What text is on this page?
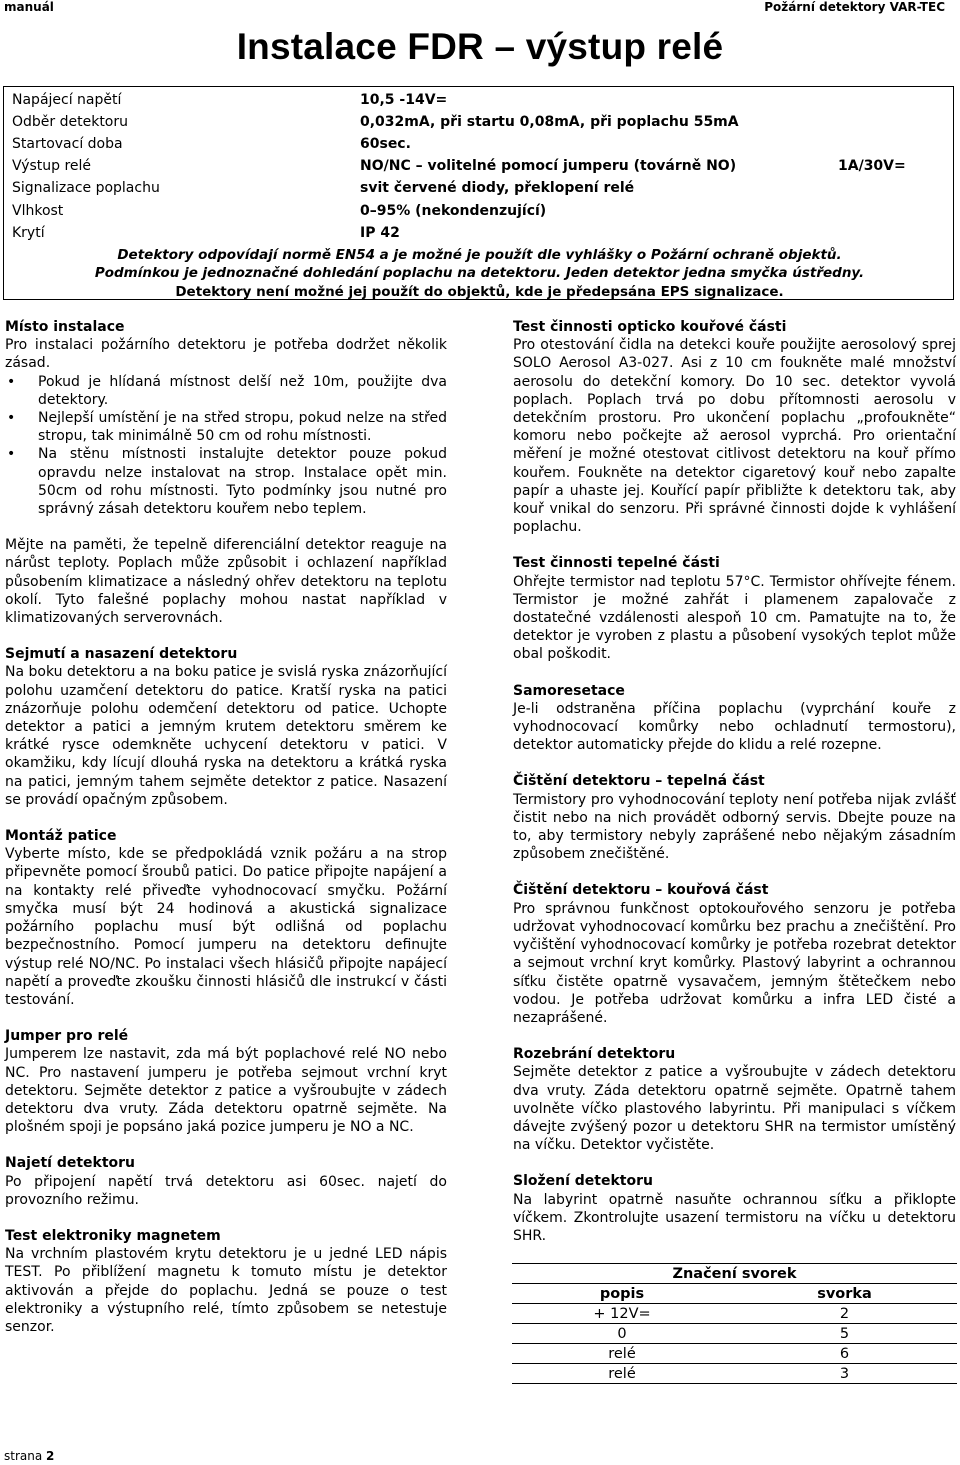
manuál	Požární detektory VAR-TEC
Instalace FDR – výstup relé
Napájecí napětí	10,5 -14V=
Odběr detektoru	0,032mA, při startu 0,08mA, při poplachu 55mA
Startovací doba	60sec.
Výstup relé	NO/NC – volitelné pomocí jumperu (továrně NO)	1A/30V=
Signalizace poplachu	svit červené diody, překlopení relé
Vlhkost	0–95% (nekondenzující)
Krytí	IP 42
Detektory odpovídají normě EN54 a je možné je použít dle vyhlášky o Požární ochraně objektů.
Podmínkou je jednoznačné dohledání poplachu na detektoru. Jeden detektor jedna smyčka ústředny.
Detektory není možné jej použít do objektů, kde je předepsána EPS signalizace.
Místo instalace

Pro instalaci požárního detektoru je potřeba dodržet několik zásad.

• Pokud je hlídaná místnost delší než 10m, použijte dva detektory.
• Nejlepší umístění je na střed stropu, pokud nelze na střed stropu, tak minimálně 50 cm od rohu místnosti.
• Na stěnu místnosti instalujte detektor pouze pokud opravdu nelze instalovat na strop. Instalace opět min. 50cm od rohu místnosti. Tyto podmínky jsou nutné pro správný zásah detektoru kouřem nebo teplem.

Mějte na paměti, že tepelně diferenciální detektor reaguje na nárůst teploty. Poplach může způsobit i ochlazení například působením klimatizace a následný ohřev detektoru na teplotu okolí. Tyto falešné poplachy mohou nastat například v klimatizovaných serverovnách.

Sejmutí a nasazení detektoru

Na boku detektoru a na boku patice je svislá ryska znázorňující polohu uzamčení detektoru do patice. Kratší ryska na patici znázorňuje polohu odemčení detektoru od patice. Uchopte detektor a patici a jemným krutem detektoru směrem ke krátké rysce odemkněte uchycení detektoru v patici. V okamžiku, kdy lícují dlouhá ryska na detektoru a krátká ryska na patici, jemným tahem sejměte detektor z patice. Nasazení se provádí opačným způsobem.

Montáž patice

Vyberte místo, kde se předpokládá vznik požáru a na strop připevněte pomocí šroubů patici. Do patice připojte napájení a na kontakty relé přiveďte vyhodnocovací smyčku. Požární smyčka musí být 24 hodinová a akustická signalizace požárního poplachu musí být odlišná od poplachu bezpečnostního. Pomocí jumperu na detektoru definujte výstup relé NO/NC. Po instalaci všech hlásičů připojte napájecí napětí a proveďte zkoušku činnosti hlásičů dle instrukcí v části testování.

Jumper pro relé

Jumperem lze nastavit, zda má být poplachové relé NO nebo NC. Pro nastavení jumperu je potřeba sejmout vrchní kryt detektoru. Sejměte detektor z patice a vyšroubujte v zádech detektoru dva vruty. Záda detektoru opatrně sejměte. Na plošném spoji je popsáno jaká pozice jumperu je NO a NC.

Najetí detektoru

Po připojení napětí trvá detektoru asi 60sec. najetí do provozního režimu.

Test elektroniky magnetem

Na vrchním plastovém krytu detektoru je u jedné LED nápis TEST. Po přiblížení magnetu k tomuto místu je detektor aktivován a přejde do poplachu. Jedná se pouze o test elektroniky a výstupního relé, tímto způsobem se netestuje senzor.

Test činnosti opticko kouřové části

Pro otestování čidla na detekci kouře použijte aerosolový sprej SOLO Aerosol A3-027. Asi z 10 cm foukněte malé množství aerosolu do detekční komory. Do 10 sec. detektor vyvolá poplach. Poplach trvá po dobu přítomnosti aerosolu v detekčním prostoru. Pro ukončení poplachu „profoukněte“ komoru nebo počkejte až aerosol vyprchá. Pro orientační měření je možné otestovat citlivost detektoru na kouř přímo kouřem. Foukněte na detektor cigaretový kouř nebo zapalte papír a uhaste jej. Kouřící papír přibližte k detektoru tak, aby kouř vnikal do senzoru. Při správné činnosti dojde k vyhlášení poplachu.

Test činnosti tepelné části

Ohřejte termistor nad teplotu 57°C. Termistor ohřívejte fénem. Termistor je možné zahřát i plamenem zapalovače z dostatečné vzdálenosti alespoň 10 cm. Pamatujte na to, že detektor je vyroben z plastu a působení vysokých teplot může obal poškodit.

Samoresetace

Je-li odstraněna příčina poplachu (vyprchání kouře z vyhodnocovací komůrky nebo ochladnutí termostoru), detektor automaticky přejde do klidu a relé rozepne.

Čištění detektoru – tepelná část

Termistory pro vyhodnocování teploty není potřeba nijak zvlášť čistit nebo na nich provádět odborný servis. Dbejte pouze na to, aby termistory nebyly zaprášené nebo nějakým zásadním způsobem znečištěné.

Čištění detektoru – kouřová část

Pro správnou funkčnost optokouřového senzoru je potřeba udržovat vyhodnocovací komůrku bez prachu a znečištění. Pro vyčištění vyhodnocovací komůrky je potřeba rozebrat detektor a sejmout vrchní kryt komůrky. Plastový labyrint a ochrannou síťku čistěte opatrně vysavačem, jemným štětečkem nebo vodou. Je potřeba udržovat komůrku a infra LED čisté a nezaprášené.

Rozebrání detektoru

Sejměte detektor z patice a vyšroubujte v zádech detektoru dva vruty. Záda detektoru opatrně sejměte. Opatrně tahem uvolněte víčko plastového labyrintu. Při manipulaci s víčkem dávejte zvýšený pozor u detektoru SHR na termistor umístěný na víčku. Detektor vyčistěte.

Složení detektoru

Na labyrint opatrně nasuňte ochrannou síťku a přiklopte víčkem. Zkontrolujte usazení termistoru na víčku u detektoru SHR.

Značení svorek	
popis	svorka
+ 12V=	2
0	5
relé	6
relé	3
strana 2
